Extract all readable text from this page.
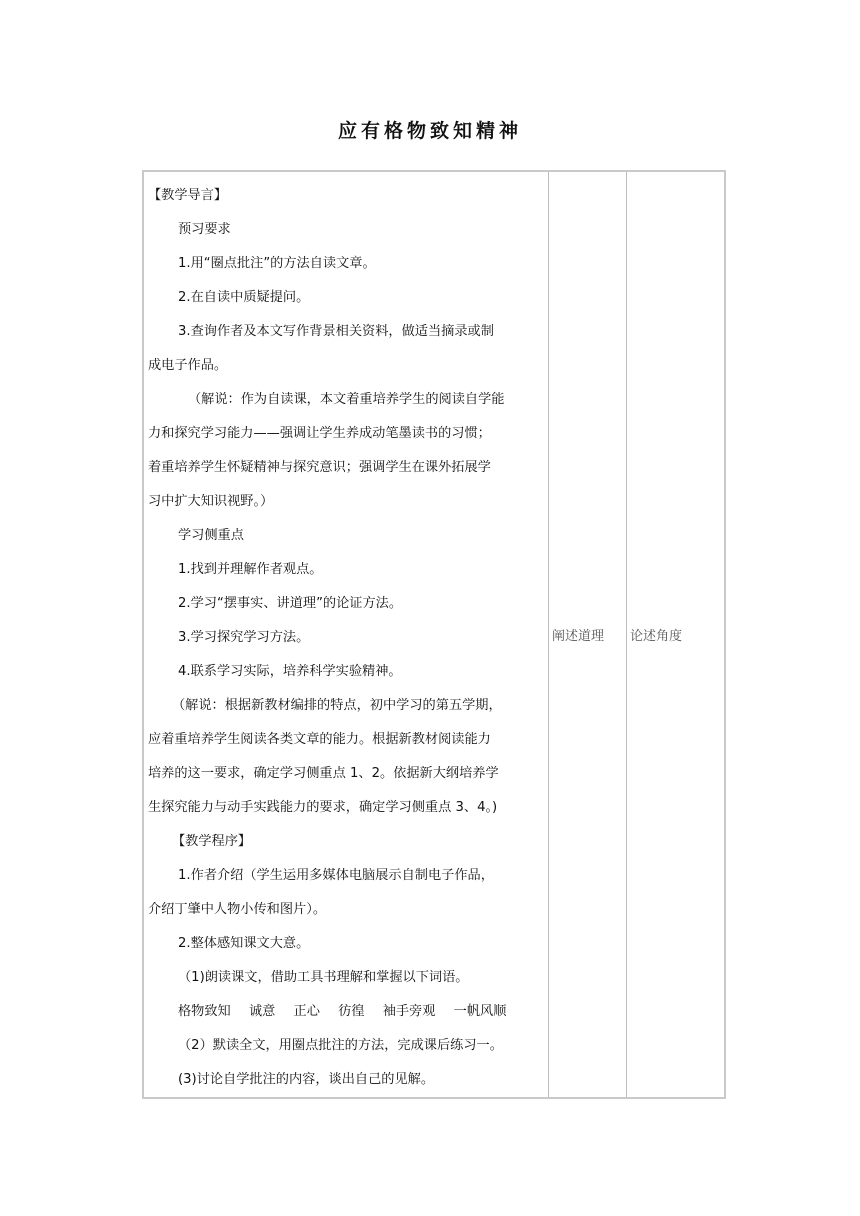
应有格物致知精神
【教学导言】
预习要求
1.用“圈点批注”的方法自读文章。
2.在自读中质疑提问。
3.查询作者及本文写作背景相关资料，做适当摘录或制
成电子作品。
（解说：作为自读课，本文着重培养学生的阅读自学能
力和探究学习能力——强调让学生养成动笔墨读书的习惯；
着重培养学生怀疑精神与探究意识；强调学生在课外拓展学
习中扩大知识视野。）
学习侧重点
1.找到并理解作者观点。
2.学习“摆事实、讲道理”的论证方法。
3.学习探究学习方法。
4.联系学习实际，培养科学实验精神。
（解说：根据新教材编排的特点，初中学习的第五学期，
应着重培养学生阅读各类文章的能力。根据新教材阅读能力
培养的这一要求，确定学习侧重点 1、2。依据新大纲培养学
生探究能力与动手实践能力的要求，确定学习侧重点 3、4。)
【教学程序】
1.作者介绍（学生运用多媒体电脑展示自制电子作品，
介绍丁肇中人物小传和图片）。
2.整体感知课文大意。
（1)朗读课文，借助工具书理解和掌握以下词语。
格物致知 诚意 正心 彷徨 袖手旁观 一帆风顺
（2）默读全文，用圈点批注的方法，完成课后练习一。
(3)讨论自学批注的内容，谈出自己的见解。
	阐述道理	论述角度
